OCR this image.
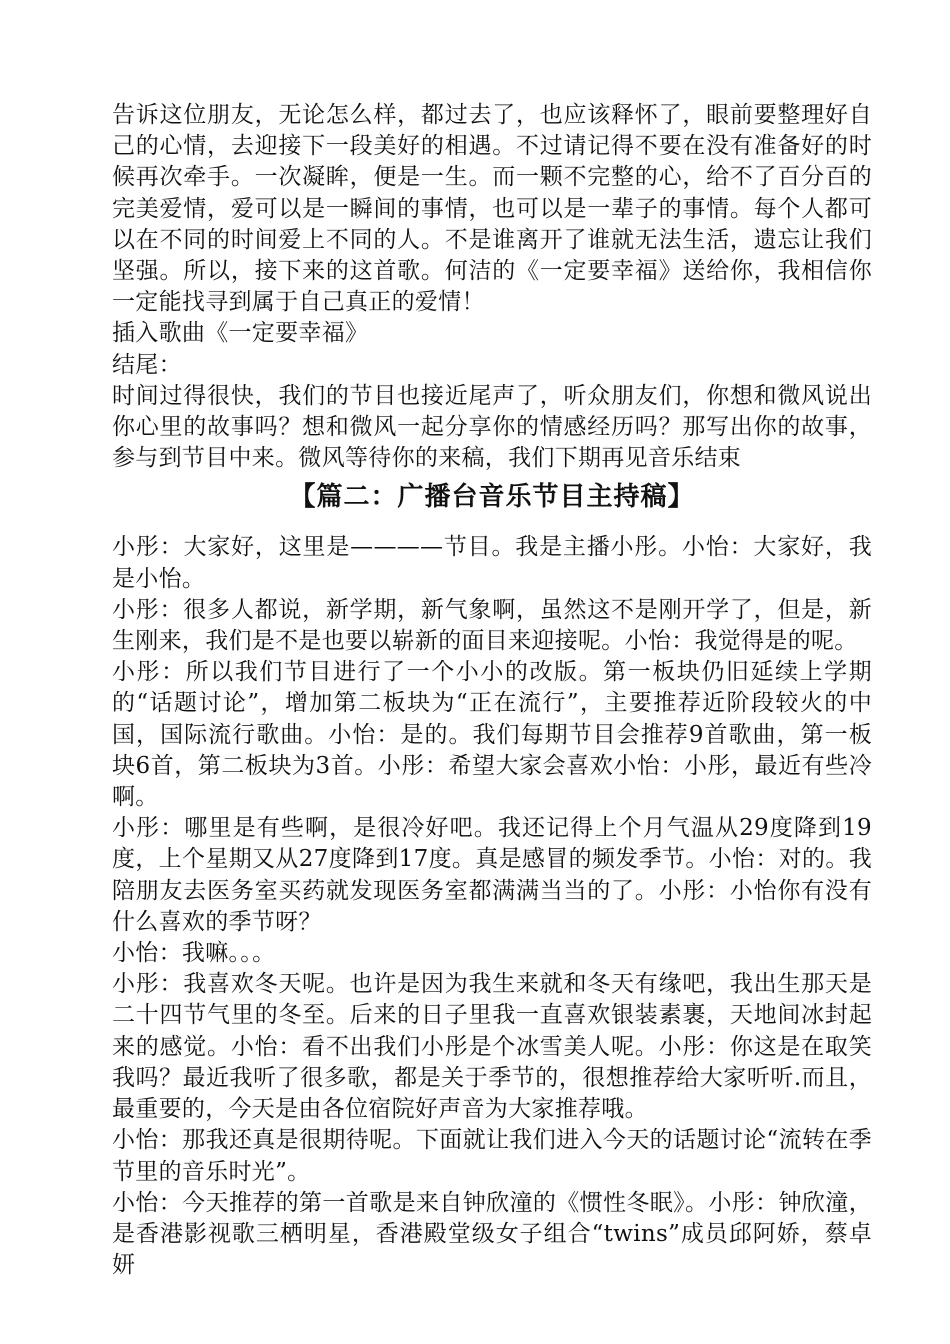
告诉这位朋友，无论怎么样，都过去了，也应该释怀了，眼前要整理好自己的心情，去迎接下一段美好的相遇。不过请记得不要在没有准备好的时候再次牵手。一次凝眸，便是一生。而一颗不完整的心，给不了百分百的完美爱情，爱可以是一瞬间的事情，也可以是一辈子的事情。每个人都可以在不同的时间爱上不同的人。不是谁离开了谁就无法生活，遗忘让我们坚强。所以，接下来的这首歌。何洁的《一定要幸福》送给你，我相信你一定能找寻到属于自己真正的爱情！

插入歌曲《一定要幸福》

结尾：

时间过得很快，我们的节目也接近尾声了，听众朋友们，你想和微风说出你心里的故事吗？想和微风一起分享你的情感经历吗？那写出你的故事，参与到节目中来。微风等待你的来稿，我们下期再见音乐结束

【篇二：广播台音乐节目主持稿】

小彤：大家好，这里是————节目。我是主播小彤。小怡：大家好，我是小怡。

小彤：很多人都说，新学期，新气象啊，虽然这不是刚开学了，但是，新生刚来，我们是不是也要以崭新的面目来迎接呢。小怡：我觉得是的呢。

小彤：所以我们节目进行了一个小小的改版。第一板块仍旧延续上学期的“话题讨论”，增加第二板块为“正在流行”，主要推荐近阶段较火的中国，国际流行歌曲。小怡：是的。我们每期节目会推荐9首歌曲，第一板块6首，第二板块为3首。小彤：希望大家会喜欢小怡：小彤，最近有些冷啊。

小彤：哪里是有些啊，是很冷好吧。我还记得上个月气温从29度降到19度，上个星期又从27度降到17度。真是感冒的频发季节。小怡：对的。我陪朋友去医务室买药就发现医务室都满满当当的了。小彤：小怡你有没有什么喜欢的季节呀？

小怡：我嘛。。。

小彤：我喜欢冬天呢。也许是因为我生来就和冬天有缘吧，我出生那天是二十四节气里的冬至。后来的日子里我一直喜欢银装素裹，天地间冰封起来的感觉。小怡：看不出我们小彤是个冰雪美人呢。小彤：你这是在取笑我吗？最近我听了很多歌，都是关于季节的，很想推荐给大家听听.而且，最重要的，今天是由各位宿院好声音为大家推荐哦。

小怡：那我还真是很期待呢。下面就让我们进入今天的话题讨论“流转在季节里的音乐时光”。

小怡：今天推荐的第一首歌是来自钟欣潼的《惯性冬眠》。小彤：钟欣潼，是香港影视歌三栖明星，香港殿堂级女子组合“twins”成员邱阿娇，蔡卓妍
